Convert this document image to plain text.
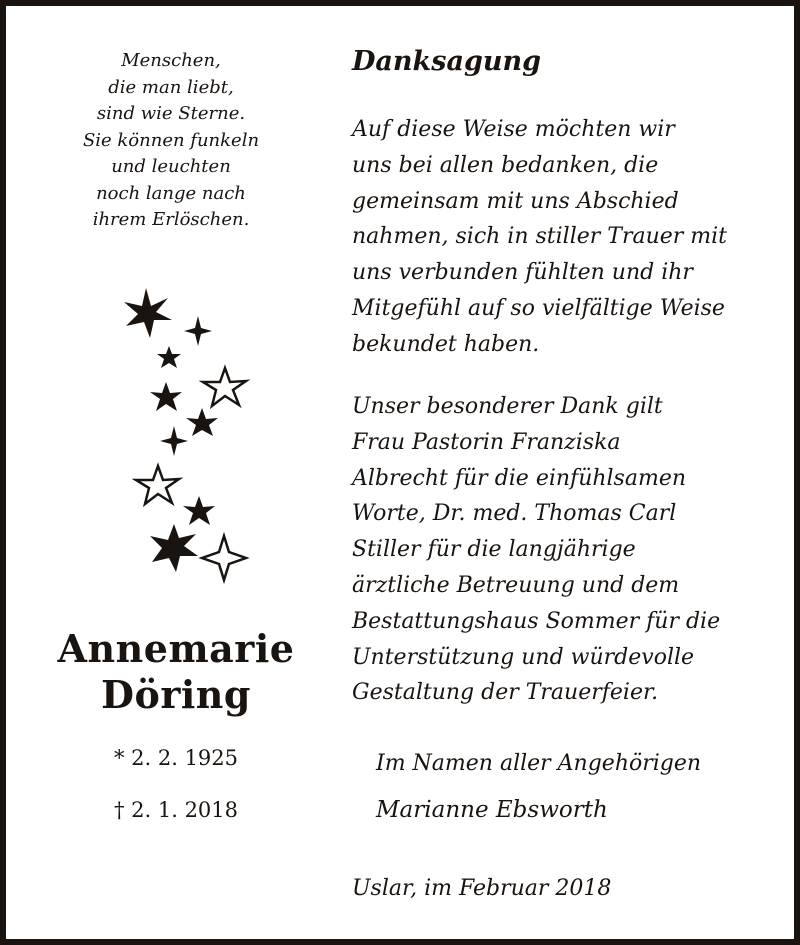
Menschen,
die man liebt,
sind wie Sterne.
Sie können funkeln
und leuchten
noch lange nach
ihrem Erlöschen.
Annemarie
Döring
* 2. 2. 1925
† 2. 1. 2018
Danksagung
Auf diese Weise möchten wir
uns bei allen bedanken, die
gemeinsam mit uns Abschied
nahmen, sich in stiller Trauer mit
uns verbunden fühlten und ihr
Mitgefühl auf so vielfältige Weise
bekundet haben.
Unser besonderer Dank gilt
Frau Pastorin Franziska
Albrecht für die einfühlsamen
Worte, Dr. med. Thomas Carl
Stiller für die langjährige
ärztliche Betreuung und dem
Bestattungshaus Sommer für die
Unterstützung und würdevolle
Gestaltung der Trauerfeier.
Im Namen aller Angehörigen
Marianne Ebsworth
Uslar, im Februar 2018
